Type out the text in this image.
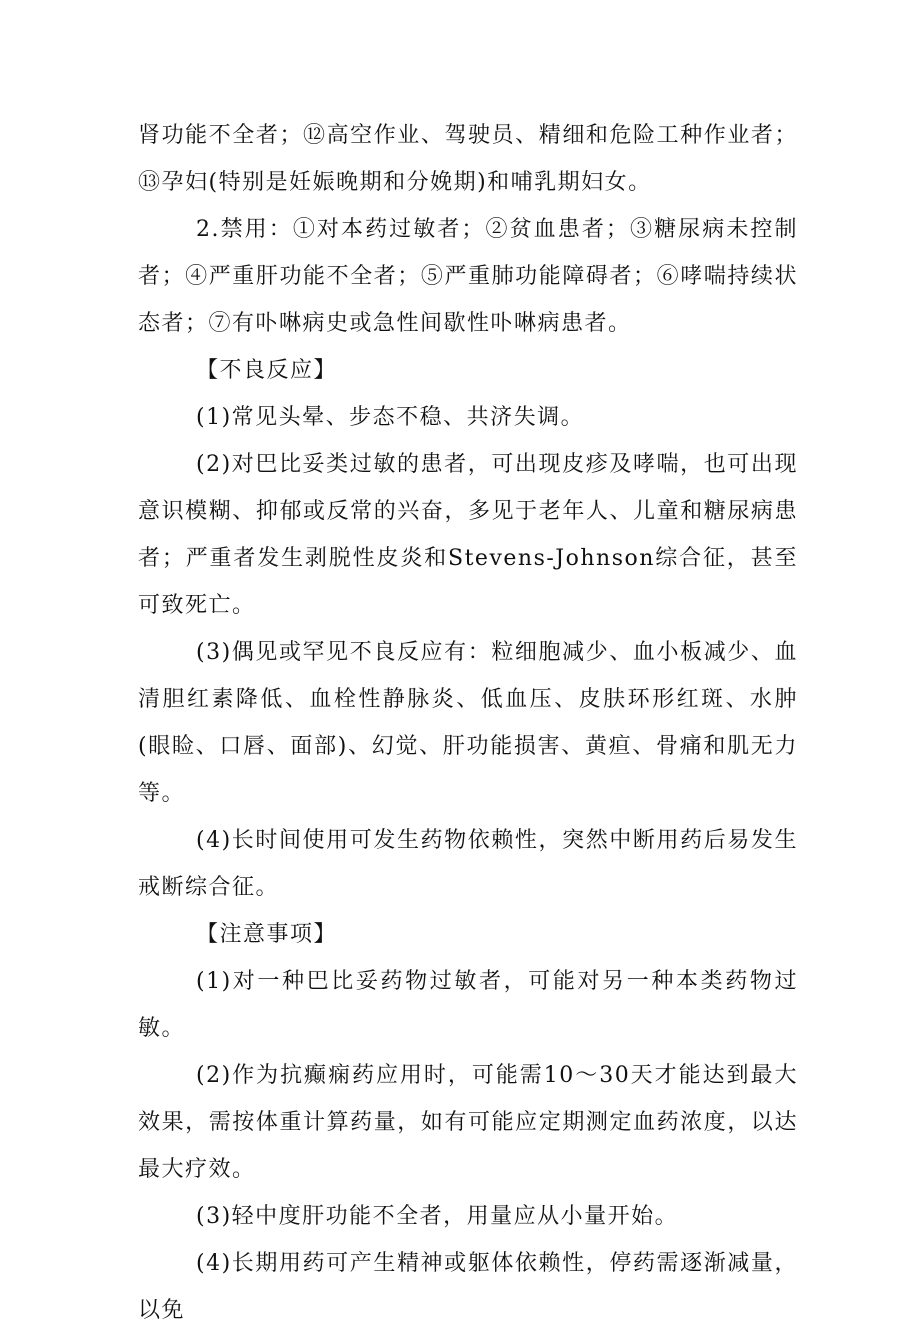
肾功能不全者；⑫高空作业、驾驶员、精细和危险工种作业者；⑬孕妇(特别是妊娠晚期和分娩期)和哺乳期妇女。

2.禁用：①对本药过敏者；②贫血患者；③糖尿病未控制者；④严重肝功能不全者；⑤严重肺功能障碍者；⑥哮喘持续状态者；⑦有卟啉病史或急性间歇性卟啉病患者。

【不良反应】

(1)常见头晕、步态不稳、共济失调。

(2)对巴比妥类过敏的患者，可出现皮疹及哮喘，也可出现意识模糊、抑郁或反常的兴奋，多见于老年人、儿童和糖尿病患者；严重者发生剥脱性皮炎和Stevens-Johnson综合征，甚至可致死亡。

(3)偶见或罕见不良反应有：粒细胞减少、血小板减少、血清胆红素降低、血栓性静脉炎、低血压、皮肤环形红斑、水肿(眼睑、口唇、面部)、幻觉、肝功能损害、黄疸、骨痛和肌无力等。

(4)长时间使用可发生药物依赖性，突然中断用药后易发生戒断综合征。

【注意事项】

(1)对一种巴比妥药物过敏者，可能对另一种本类药物过敏。

(2)作为抗癫痫药应用时，可能需10～30天才能达到最大效果，需按体重计算药量，如有可能应定期测定血药浓度，以达最大疗效。

(3)轻中度肝功能不全者，用量应从小量开始。

(4)长期用药可产生精神或躯体依赖性，停药需逐渐减量，以免
